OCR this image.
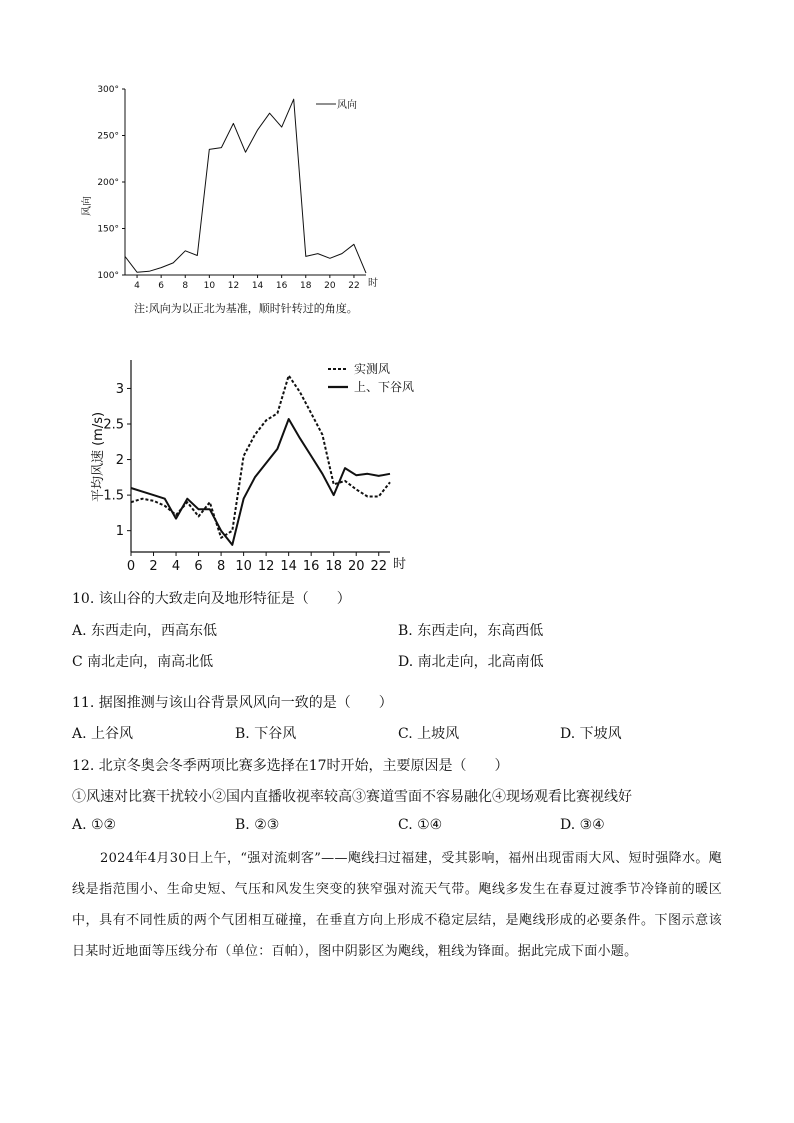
100°
150°
200°
250°
300°
4 6 8 10 12 14 16 18 20 22
风向
时
风向
注:风向为以正北为基准，顺时针转过的角度。
1
1.5
2
2.5
3
0 2 4 6 8 10 12 14 16 18 20 22
平均风速 (m/s)
时
实测风
上、下谷风
10. 该山谷的大致走向及地形特征是（　　）
A. 东西走向，西高东低	B. 东西走向，东高西低
C 南北走向，南高北低	D. 南北走向，北高南低
11. 据图推测与该山谷背景风风向一致的是（　　）
A. 上谷风	B. 下谷风	C. 上坡风	D. 下坡风
12. 北京冬奥会冬季两项比赛多选择在17时开始，主要原因是（　　）
①风速对比赛干扰较小②国内直播收视率较高③赛道雪面不容易融化④现场观看比赛视线好
A. ①②	B. ②③	C. ①④	D. ③④
2024年4月30日上午，“强对流刺客”——飑线扫过福建，受其影响，福州出现雷雨大风、短时强降水。飑线是指范围小、生命史短、气压和风发生突变的狭窄强对流天气带。飑线多发生在春夏过渡季节冷锋前的暖区中，具有不同性质的两个气团相互碰撞，在垂直方向上形成不稳定层结，是飑线形成的必要条件。下图示意该日某时近地面等压线分布（单位：百帕），图中阴影区为飑线，粗线为锋面。据此完成下面小题。
